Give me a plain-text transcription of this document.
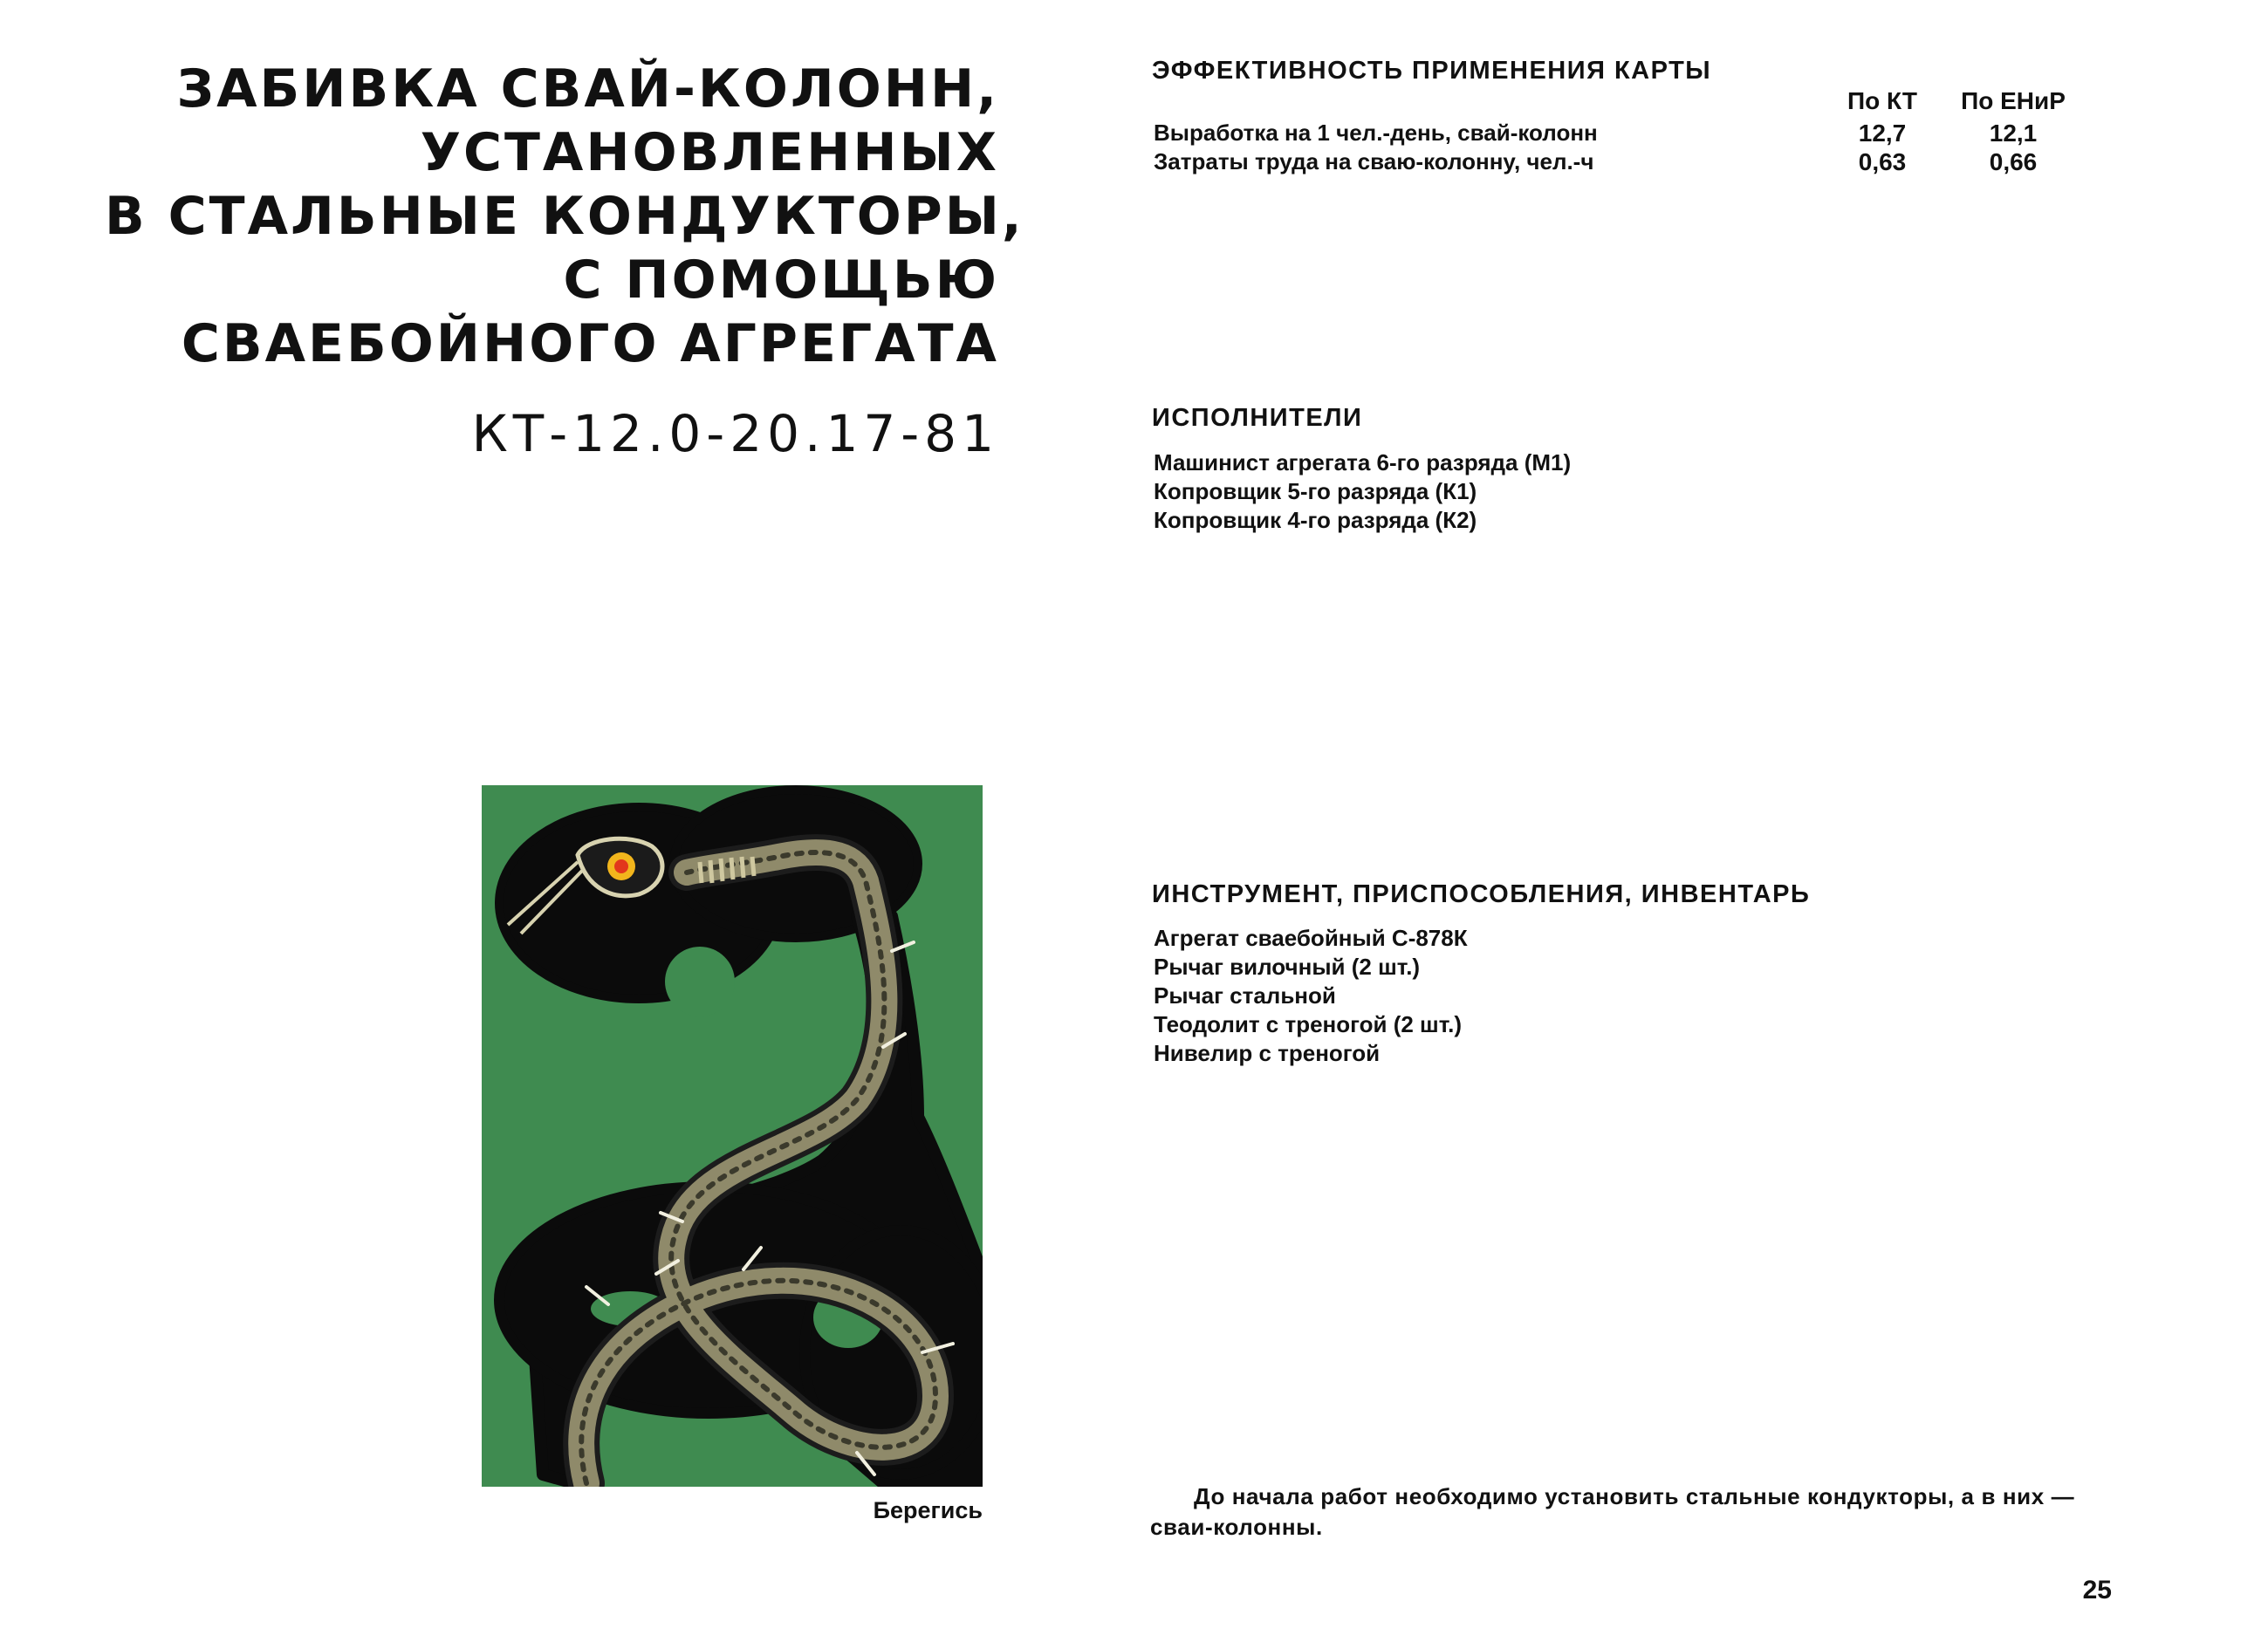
ЗАБИВКА СВАЙ-КОЛОНН,
УСТАНОВЛЕННЫХ
В СТАЛЬНЫЕ КОНДУКТОРЫ,
С ПОМОЩЬЮ
СВАЕБОЙНОГО АГРЕГАТА
КТ-12.0-20.17-81
ЭФФЕКТИВНОСТЬ ПРИМЕНЕНИЯ КАРТЫ
	По КТ	По ЕНиР
Выработка на 1 чел.-день, свай-колонн	12,7	12,1
Затраты труда на сваю-колонну, чел.-ч	0,63	0,66
ИСПОЛНИТЕЛИ
Машинист агрегата 6-го разряда (М1)
Копровщик 5-го разряда (К1)
Копровщик 4-го разряда (К2)
ИНСТРУМЕНТ, ПРИСПОСОБЛЕНИЯ, ИНВЕНТАРЬ
Агрегат сваебойный С-878К
Рычаг вилочный (2 шт.)
Рычаг стальной
Теодолит с треногой (2 шт.)
Нивелир с треногой
Берегись

До начала работ необходимо установить стальные кондукторы, а в них — сваи-колонны.

25
